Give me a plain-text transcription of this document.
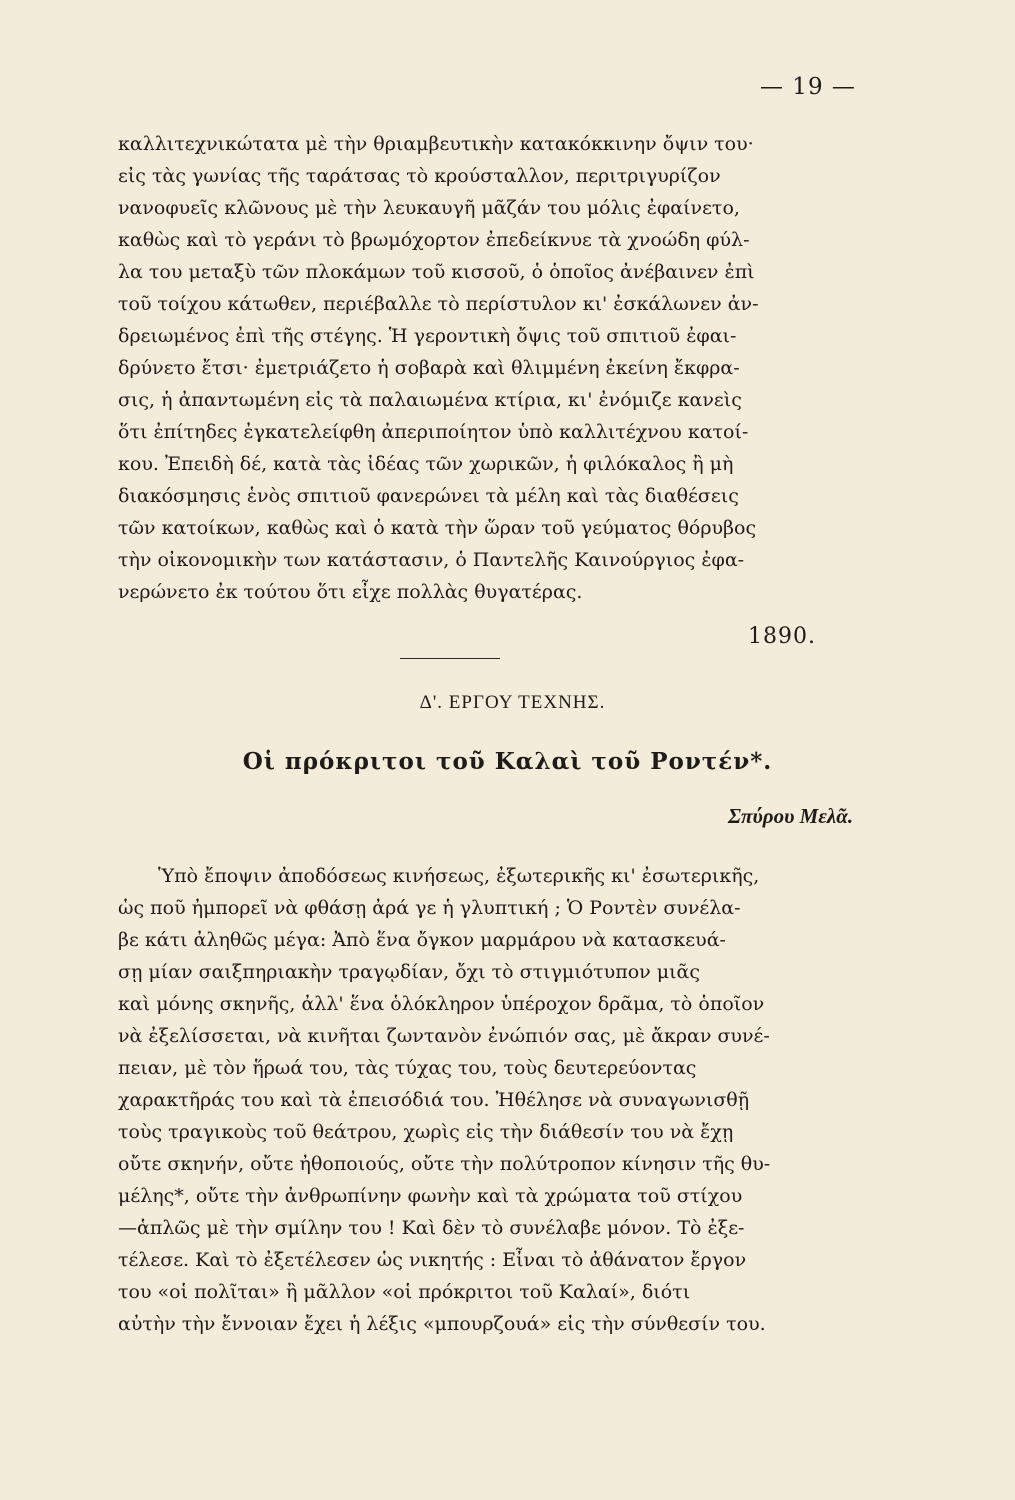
— 19 —
καλλιτεχνικώτατα μὲ τὴν θριαμβευτικὴν κατακόκκινην ὄψιν του·
εἰς τὰς γωνίας τῆς ταράτσας τὸ κρούσταλλον, περιτριγυρίζον
νανοφυεῖς κλῶνους μὲ τὴν λευκαυγῆ μᾶζάν του μόλις ἐφαίνετο,
καθὼς καὶ τὸ γεράνι τὸ βρωμόχορτον ἐπεδείκνυε τὰ χνοώδη φύλ-
λα του μεταξὺ τῶν πλοκάμων τοῦ κισσοῦ, ὁ ὁποῖος ἀνέβαινεν ἐπὶ
τοῦ τοίχου κάτωθεν, περιέβαλλε τὸ περίστυλον κι' ἐσκάλωνεν ἀν-
δρειωμένος ἐπὶ τῆς στέγης. Ἡ γεροντικὴ ὄψις τοῦ σπιτιοῦ ἐφαι-
δρύνετο ἔτσι· ἐμετριάζετο ἡ σοβαρὰ καὶ θλιμμένη ἐκείνη ἔκφρα-
σις, ἡ ἀπαντωμένη εἰς τὰ παλαιωμένα κτίρια, κι' ἐνόμιζε κανεὶς
ὅτι ἐπίτηδες ἐγκατελείφθη ἀπεριποίητον ὑπὸ καλλιτέχνου κατοί-
κου. Ἐπειδὴ δέ, κατὰ τὰς ἰδέας τῶν χωρικῶν, ἡ φιλόκαλος ἢ μὴ
διακόσμησις ἑνὸς σπιτιοῦ φανερώνει τὰ μέλη καὶ τὰς διαθέσεις
τῶν κατοίκων, καθὼς καὶ ὁ κατὰ τὴν ὥραν τοῦ γεύματος θόρυβος
τὴν οἰκονομικὴν των κατάστασιν, ὁ Παντελῆς Καινούργιος ἐφα-
νερώνετο ἐκ τούτου ὅτι εἶχε πολλὰς θυγατέρας.
1890.
Δ'. ΕΡΓΟΥ ΤΕΧΝΗΣ.
Οἱ πρόκριτοι τοῦ Καλαὶ τοῦ Ροντέν*.
Σπύρου Μελᾶ.
Ὑπὸ ἔποψιν ἀποδόσεως κινήσεως, ἐξωτερικῆς κι' ἐσωτερικῆς,
ὡς ποῦ ἠμπορεῖ νὰ φθάσῃ ἀρά γε ἡ γλυπτική ; Ὁ Ροντὲν συνέλα-
βε κάτι ἀληθῶς μέγα: Ἀπὸ ἕνα ὄγκον μαρμάρου νὰ κατασκευά-
σῃ μίαν σαιξπηριακὴν τραγῳδίαν, ὄχι τὸ στιγμιότυπον μιᾶς
καὶ μόνης σκηνῆς, ἀλλ' ἕνα ὁλόκληρον ὑπέροχον δρᾶμα, τὸ ὁποῖον
νὰ ἐξελίσσεται, νὰ κινῆται ζωντανὸν ἐνώπιόν σας, μὲ ἄκραν συνέ-
πειαν, μὲ τὸν ἥρωά του, τὰς τύχας του, τοὺς δευτερεύοντας
χαρακτῆράς του καὶ τὰ ἐπεισόδιά του. Ἠθέλησε νὰ συναγωνισθῇ
τοὺς τραγικοὺς τοῦ θεάτρου, χωρὶς εἰς τὴν διάθεσίν του νὰ ἔχῃ
οὔτε σκηνήν, οὔτε ἠθοποιούς, οὔτε τὴν πολύτροπον κίνησιν τῆς θυ-
μέλης*, οὔτε τὴν ἀνθρωπίνην φωνὴν καὶ τὰ χρώματα τοῦ στίχου
—ἁπλῶς μὲ τὴν σμίλην του ! Καὶ δὲν τὸ συνέλαβε μόνον. Τὸ ἐξε-
τέλεσε. Καὶ τὸ ἐξετέλεσεν ὡς νικητής : Εἶναι τὸ ἀθάνατον ἔργον
του «οἱ πολῖται» ἢ μᾶλλον «οἱ πρόκριτοι τοῦ Καλαί», διότι
αὐτὴν τὴν ἔννοιαν ἔχει ἡ λέξις «μπουρζουά» εἰς τὴν σύνθεσίν του.
